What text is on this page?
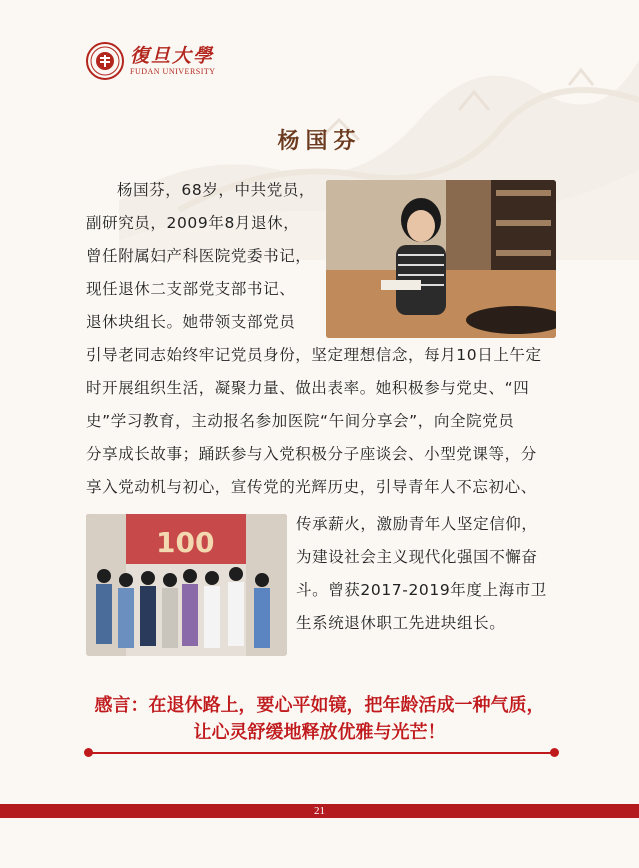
復旦大學
FUDAN UNIVERSITY
杨国芬

杨国芬，68岁，中共党员，

副研究员，2009年8月退休，

曾任附属妇产科医院党委书记，

现任退休二支部党支部书记、

退休块组长。她带领支部党员

引导老同志始终牢记党员身份，坚定理想信念，每月10日上午定

时开展组织生活，凝聚力量、做出表率。她积极参与党史、“四

史”学习教育，主动报名参加医院“午间分享会”，向全院党员

分享成长故事；踊跃参与入党积极分子座谈会、小型党课等，分

享入党动机与初心，宣传党的光辉历史，引导青年人不忘初心、

100

传承薪火，激励青年人坚定信仰，

为建设社会主义现代化强国不懈奋

斗。曾获2017-2019年度上海市卫

生系统退休职工先进块组长。

感言：在退休路上，要心平如镜，把年龄活成一种气质，

让心灵舒缓地释放优雅与光芒！

21
